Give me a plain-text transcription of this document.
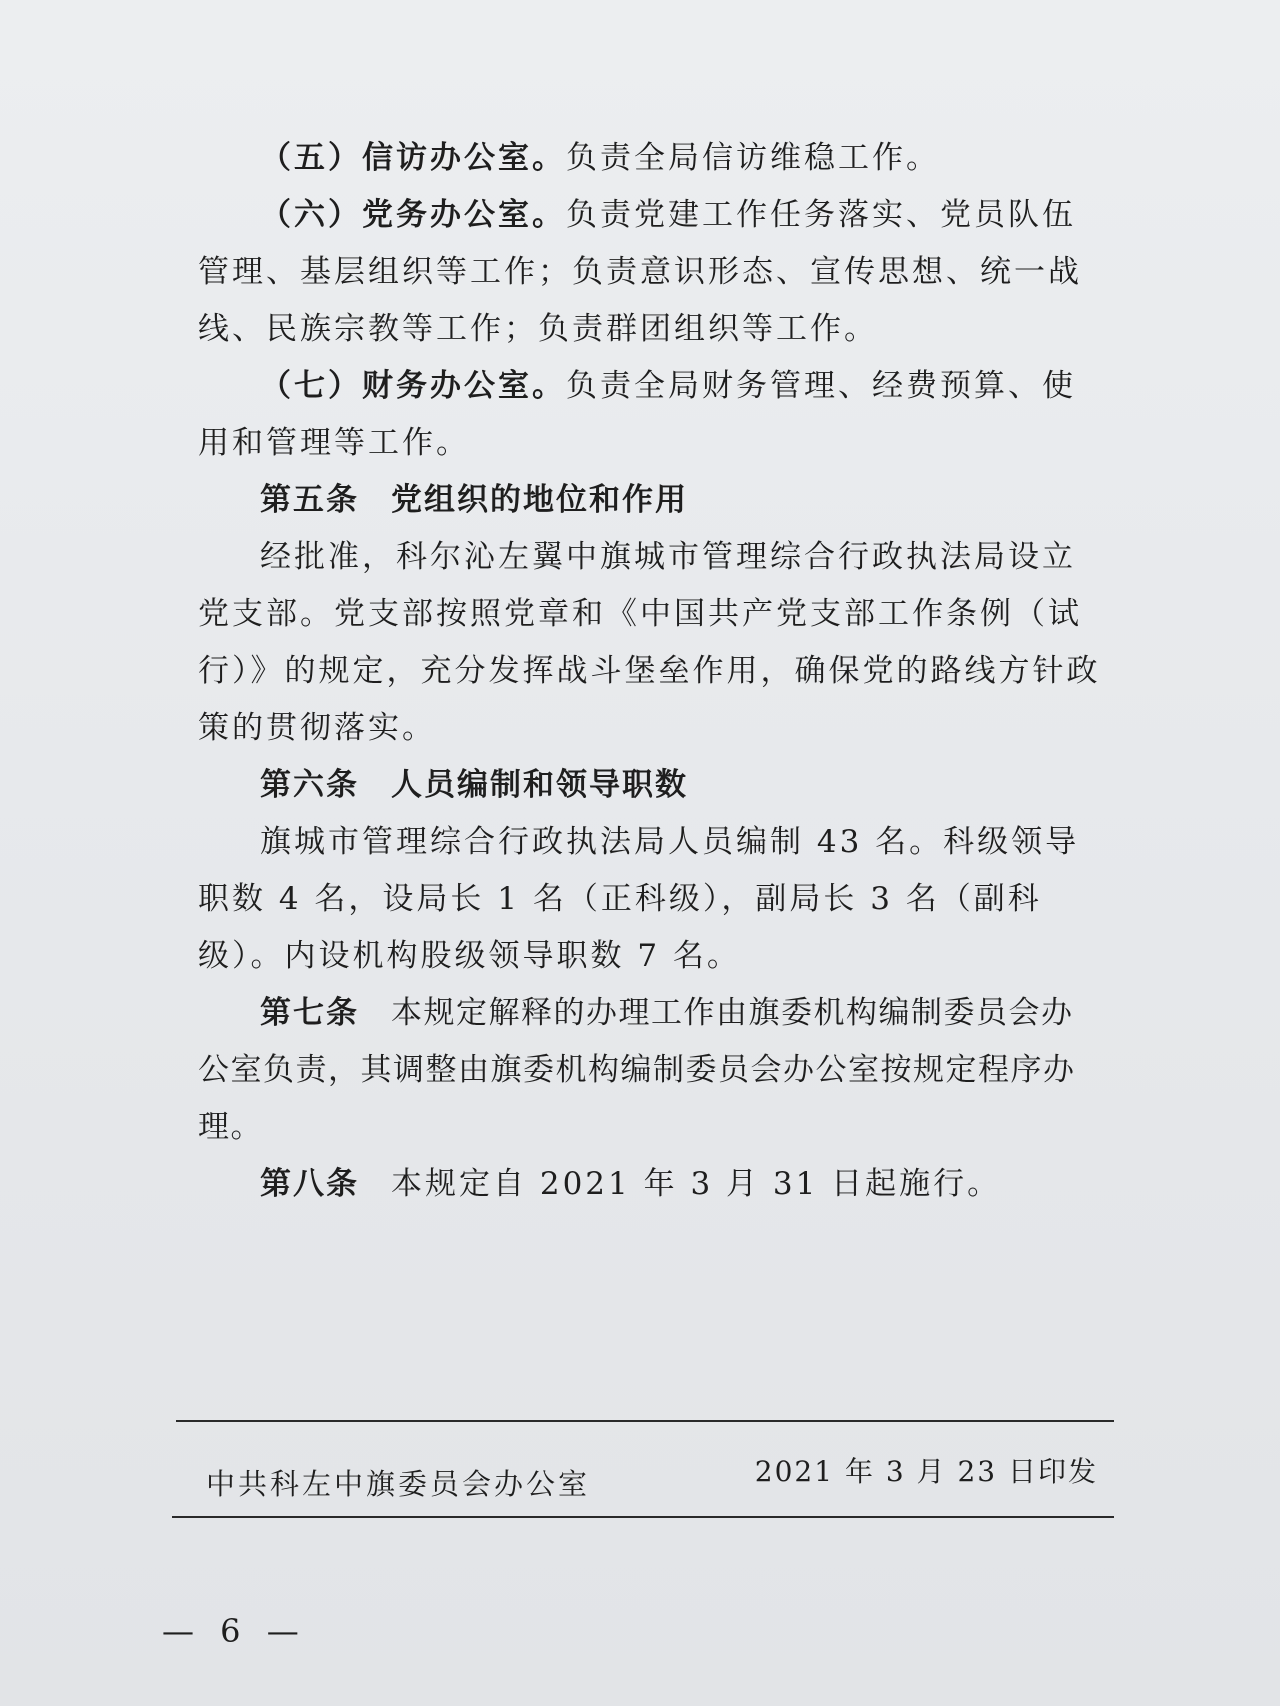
（五）信访办公室。负责全局信访维稳工作。

（六）党务办公室。负责党建工作任务落实、党员队伍管理、基层组织等工作；负责意识形态、宣传思想、统一战线、民族宗教等工作；负责群团组织等工作。

（七）财务办公室。负责全局财务管理、经费预算、使用和管理等工作。

第五条 党组织的地位和作用

经批准，科尔沁左翼中旗城市管理综合行政执法局设立党支部。党支部按照党章和《中国共产党支部工作条例（试行）》的规定，充分发挥战斗堡垒作用，确保党的路线方针政策的贯彻落实。

第六条 人员编制和领导职数

旗城市管理综合行政执法局人员编制 43 名。科级领导职数 4 名，设局长 1 名（正科级），副局长 3 名（副科级）。内设机构股级领导职数 7 名。

第七条 本规定解释的办理工作由旗委机构编制委员会办公室负责，其调整由旗委机构编制委员会办公室按规定程序办理。

第八条 本规定自 2021 年 3 月 31 日起施行。

2021 年 3 月 23 日印发
中共科左中旗委员会办公室
— 6 —
